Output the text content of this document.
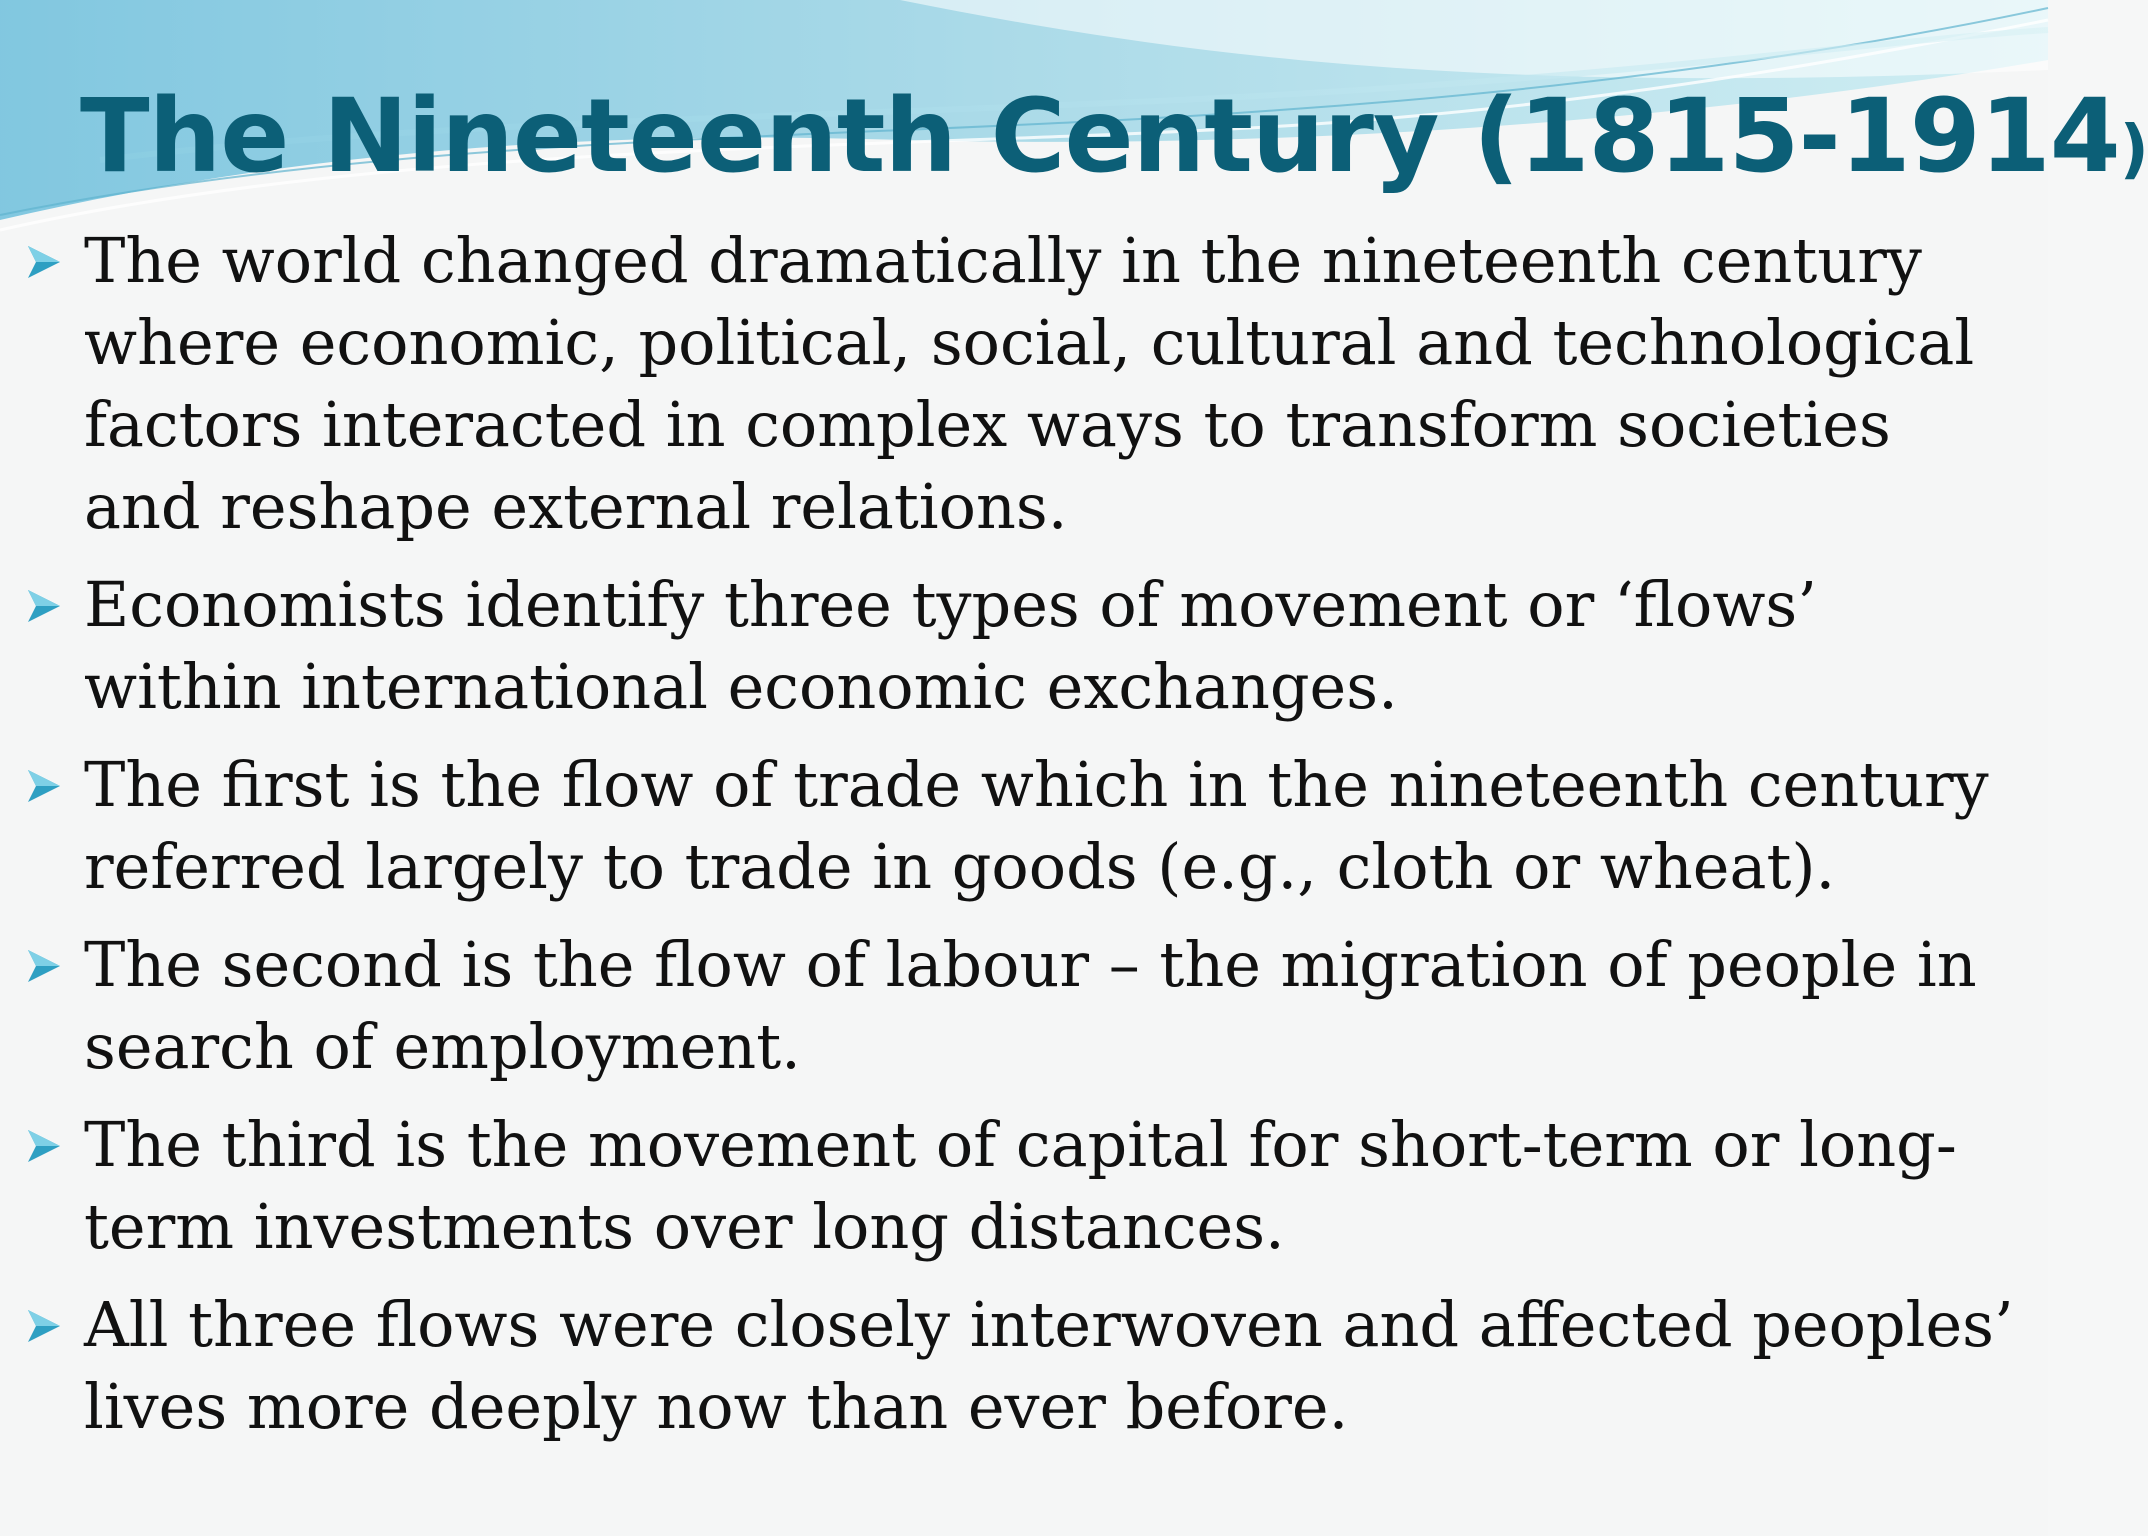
The Nineteenth Century (1815-1914)
The world changed dramatically in the nineteenth century where economic, political, social, cultural and technological factors interacted in complex ways to transform societies and reshape external relations.
Economists identify three types of movement or ‘flows’ within international economic exchanges.
The first is the flow of trade which in the nineteenth century referred largely to trade in goods (e.g., cloth or wheat).
The second is the flow of labour – the migration of people in search of employment.
The third is the movement of capital for short-term or long-term investments over long distances.
All three flows were closely interwoven and affected peoples’ lives more deeply now than ever before.
